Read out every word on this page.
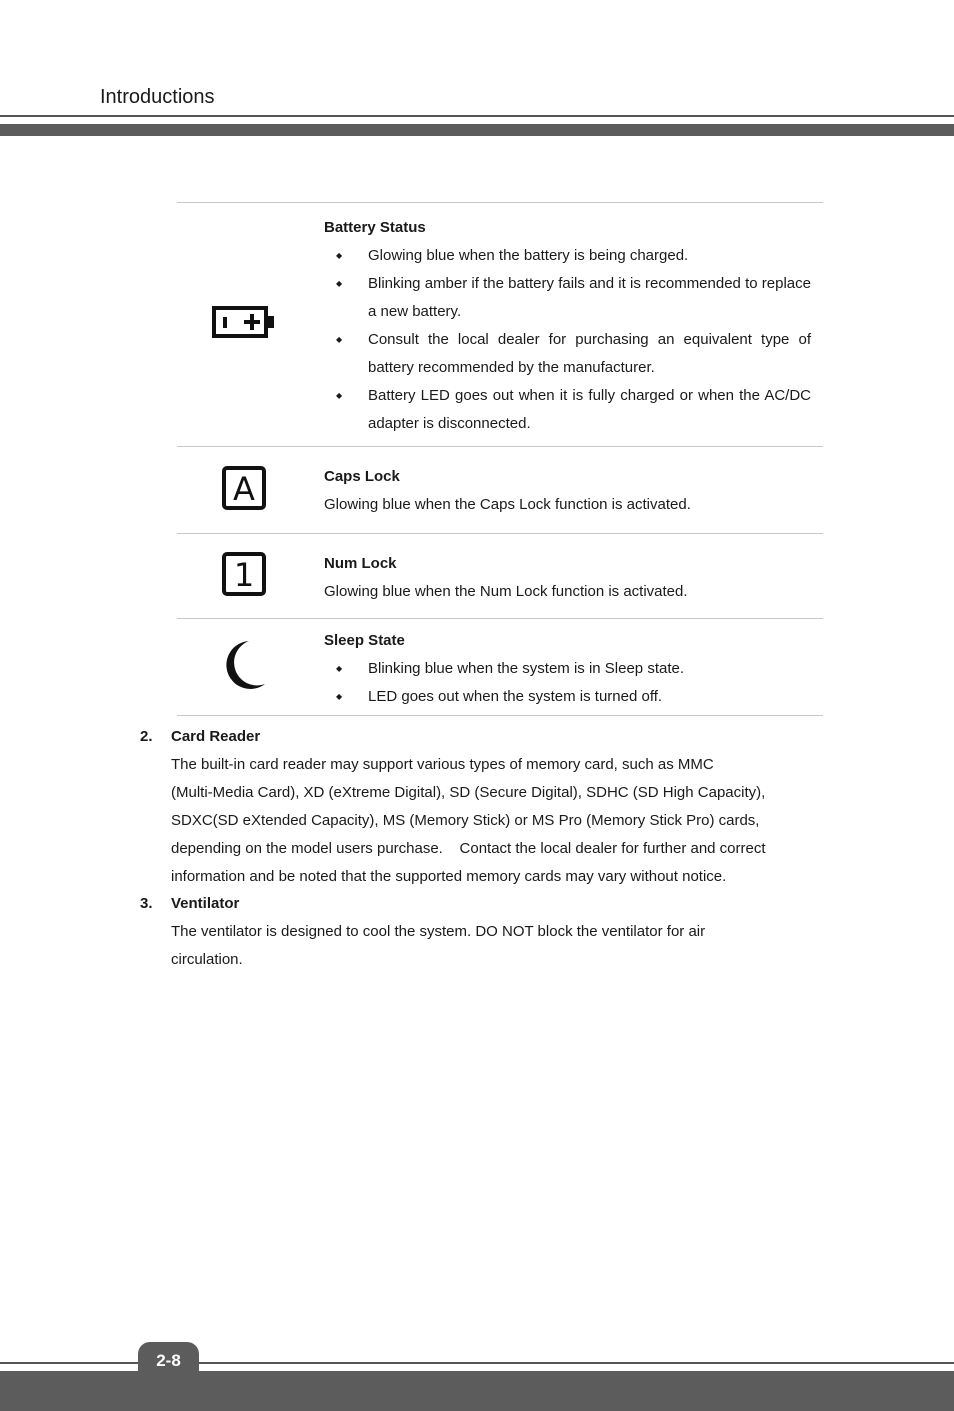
Introductions
Battery Status
◆ Glowing blue when the battery is being charged.
◆ Blinking amber if the battery fails and it is recommended to replace a new battery.
◆ Consult the local dealer for purchasing an equivalent type of battery recommended by the manufacturer.
◆ Battery LED goes out when it is fully charged or when the AC/DC adapter is disconnected.
A	Caps Lock
Glowing blue when the Caps Lock function is activated.
1	Num Lock
Glowing blue when the Num Lock function is activated.
Sleep State
◆ Blinking blue when the system is in Sleep state.
◆ LED goes out when the system is turned off.
2.	Card Reader
The built-in card reader may support various types of memory card, such as MMC
(Multi-Media Card), XD (eXtreme Digital), SD (Secure Digital), SDHC (SD High Capacity),
SDXC(SD eXtended Capacity), MS (Memory Stick) or MS Pro (Memory Stick Pro) cards,
depending on the model users purchase.    Contact the local dealer for further and correct
information and be noted that the supported memory cards may vary without notice.
3.	Ventilator
The ventilator is designed to cool the system. DO NOT block the ventilator for air
circulation.
2-8
